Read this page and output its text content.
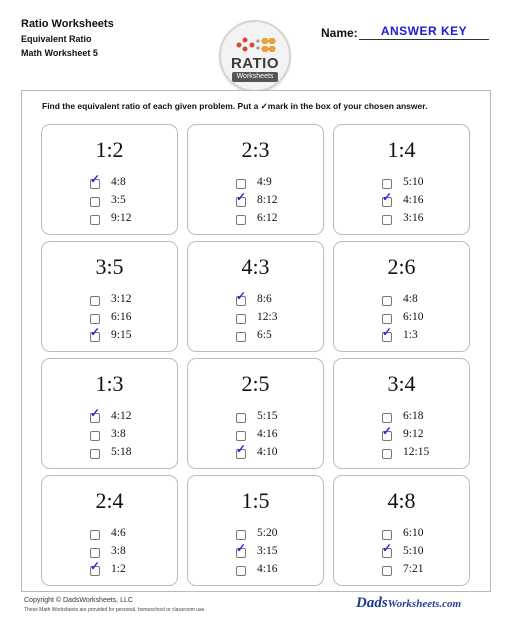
Ratio Worksheets
Equivalent Ratio
Math Worksheet 5
RATIO
Worksheets
Name:	ANSWER KEY
Find the equivalent ratio of each given problem. Put a ✓mark in the box of your chosen answer.
1:2
✓ 4:8
3:5
9:12
2:3
4:9
✓ 8:12
6:12
1:4
5:10
✓ 4:16
3:16
3:5
3:12
6:16
✓ 9:15
4:3
✓ 8:6
12:3
6:5
2:6
4:8
6:10
✓ 1:3
1:3
✓ 4:12
3:8
5:18
2:5
5:15
4:16
✓ 4:10
3:4
6:18
✓ 9:12
12:15
2:4
4:6
3:8
✓ 1:2
1:5
5:20
✓ 3:15
4:16
4:8
6:10
✓ 5:10
7:21
Copyright © DadsWorksheets, LLC
These Math Worksheets are provided for personal, homeschool or classroom use.	DadsWorksheets.com
